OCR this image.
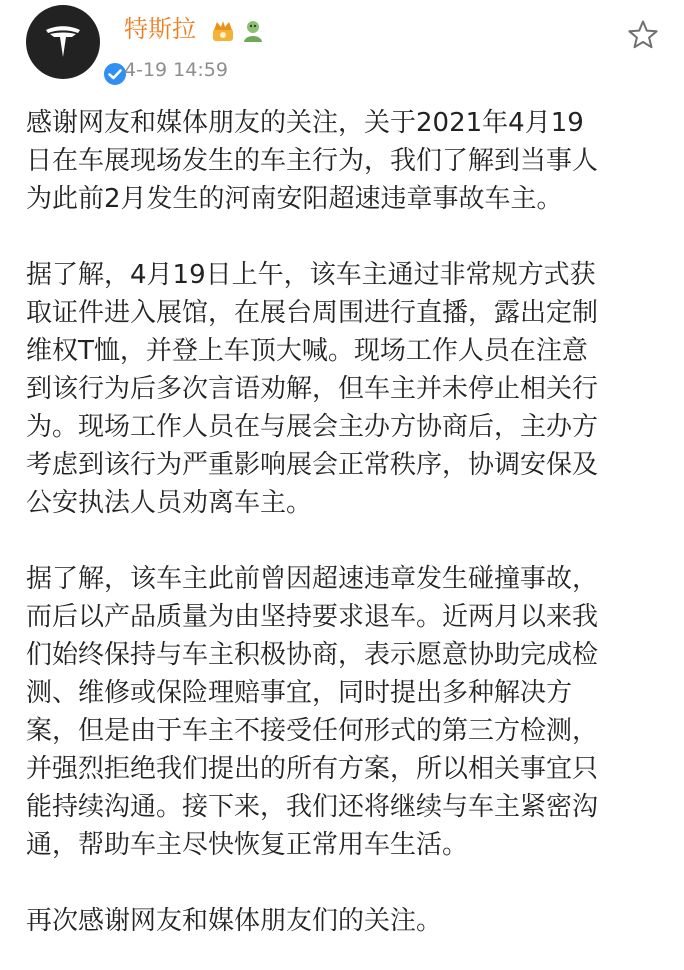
特斯拉
4-19 14:59

感谢网友和媒体朋友的关注，关于2021年4月19

日在车展现场发生的车主行为，我们了解到当事人

为此前2月发生的河南安阳超速违章事故车主。

据了解，4月19日上午，该车主通过非常规方式获

取证件进入展馆，在展台周围进行直播，露出定制

维权T恤，并登上车顶大喊。现场工作人员在注意

到该行为后多次言语劝解，但车主并未停止相关行

为。现场工作人员在与展会主办方协商后，主办方

考虑到该行为严重影响展会正常秩序，协调安保及

公安执法人员劝离车主。

据了解，该车主此前曾因超速违章发生碰撞事故，

而后以产品质量为由坚持要求退车。近两月以来我

们始终保持与车主积极协商，表示愿意协助完成检

测、维修或保险理赔事宜，同时提出多种解决方

案，但是由于车主不接受任何形式的第三方检测，

并强烈拒绝我们提出的所有方案，所以相关事宜只

能持续沟通。接下来，我们还将继续与车主紧密沟

通，帮助车主尽快恢复正常用车生活。

再次感谢网友和媒体朋友们的关注。
